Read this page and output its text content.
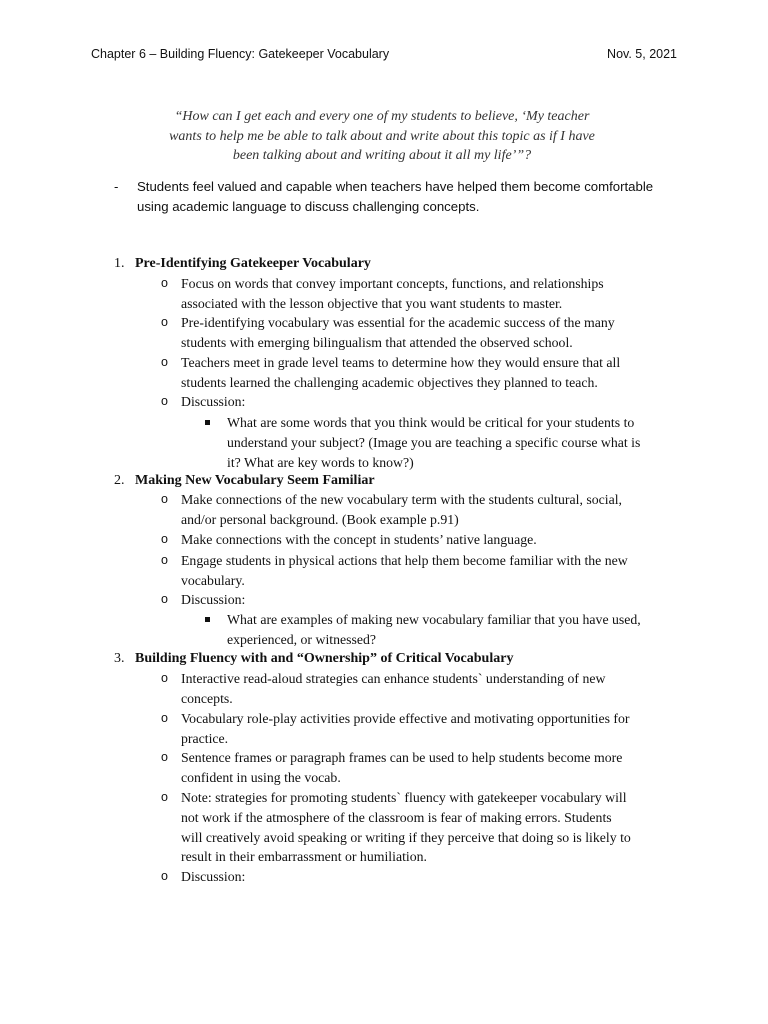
Chapter 6 – Building Fluency: Gatekeeper Vocabulary	Nov. 5, 2021
“How can I get each and every one of my students to believe, ‘My teacher
wants to help me be able to talk about and write about this topic as if I have
been talking about and writing about it all my life’”?
- Students feel valued and capable when teachers have helped them become comfortable
using academic language to discuss challenging concepts.
1. Pre-Identifying Gatekeeper Vocabulary
o Focus on words that convey important concepts, functions, and relationships
associated with the lesson objective that you want students to master.
o Pre-identifying vocabulary was essential for the academic success of the many
students with emerging bilingualism that attended the observed school.
o Teachers meet in grade level teams to determine how they would ensure that all
students learned the challenging academic objectives they planned to teach.
o Discussion:
What are some words that you think would be critical for your students to
understand your subject? (Image you are teaching a specific course what is
it? What are key words to know?)
2. Making New Vocabulary Seem Familiar
o Make connections of the new vocabulary term with the students cultural, social,
and/or personal background. (Book example p.91)
o Make connections with the concept in students’ native language.
o Engage students in physical actions that help them become familiar with the new
vocabulary.
o Discussion:
What are examples of making new vocabulary familiar that you have used,
experienced, or witnessed?
3. Building Fluency with and “Ownership” of Critical Vocabulary
o Interactive read-aloud strategies can enhance students` understanding of new
concepts.
o Vocabulary role-play activities provide effective and motivating opportunities for
practice.
o Sentence frames or paragraph frames can be used to help students become more
confident in using the vocab.
o Note: strategies for promoting students` fluency with gatekeeper vocabulary will
not work if the atmosphere of the classroom is fear of making errors. Students
will creatively avoid speaking or writing if they perceive that doing so is likely to
result in their embarrassment or humiliation.
o Discussion:
